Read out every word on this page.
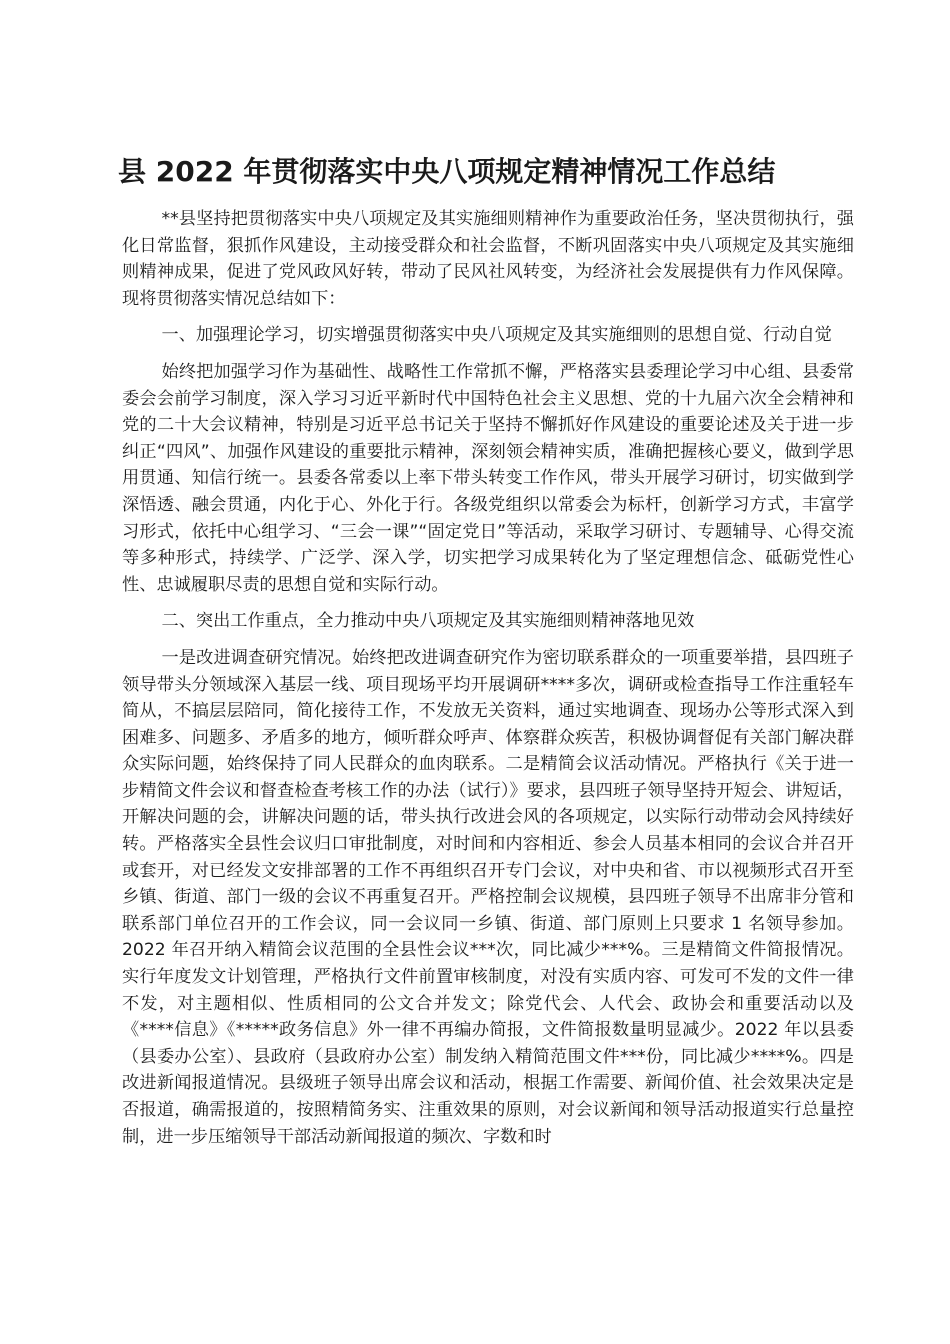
县 2022 年贯彻落实中央八项规定精神情况工作总结

**县坚持把贯彻落实中央八项规定及其实施细则精神作为重要政治任务，坚决贯彻执行，强化日常监督，狠抓作风建设，主动接受群众和社会监督，不断巩固落实中央八项规定及其实施细则精神成果，促进了党风政风好转，带动了民风社风转变，为经济社会发展提供有力作风保障。现将贯彻落实情况总结如下：

一、加强理论学习，切实增强贯彻落实中央八项规定及其实施细则的思想自觉、行动自觉

始终把加强学习作为基础性、战略性工作常抓不懈，严格落实县委理论学习中心组、县委常委会会前学习制度，深入学习习近平新时代中国特色社会主义思想、党的十九届六次全会精神和党的二十大会议精神，特别是习近平总书记关于坚持不懈抓好作风建设的重要论述及关于进一步纠正“四风”、加强作风建设的重要批示精神，深刻领会精神实质，准确把握核心要义，做到学思用贯通、知信行统一。县委各常委以上率下带头转变工作作风，带头开展学习研讨，切实做到学深悟透、融会贯通，内化于心、外化于行。各级党组织以常委会为标杆，创新学习方式，丰富学习形式，依托中心组学习、“三会一课”“固定党日”等活动，采取学习研讨、专题辅导、心得交流等多种形式，持续学、广泛学、深入学，切实把学习成果转化为了坚定理想信念、砥砺党性心性、忠诚履职尽责的思想自觉和实际行动。

二、突出工作重点，全力推动中央八项规定及其实施细则精神落地见效

一是改进调查研究情况。始终把改进调查研究作为密切联系群众的一项重要举措，县四班子领导带头分领域深入基层一线、项目现场平均开展调研****多次，调研或检查指导工作注重轻车简从，不搞层层陪同，简化接待工作，不发放无关资料，通过实地调查、现场办公等形式深入到困难多、问题多、矛盾多的地方，倾听群众呼声、体察群众疾苦，积极协调督促有关部门解决群众实际问题，始终保持了同人民群众的血肉联系。二是精简会议活动情况。严格执行《关于进一步精简文件会议和督查检查考核工作的办法（试行）》要求，县四班子领导坚持开短会、讲短话，开解决问题的会，讲解决问题的话，带头执行改进会风的各项规定，以实际行动带动会风持续好转。严格落实全县性会议归口审批制度，对时间和内容相近、参会人员基本相同的会议合并召开或套开，对已经发文安排部署的工作不再组织召开专门会议，对中央和省、市以视频形式召开至乡镇、街道、部门一级的会议不再重复召开。严格控制会议规模，县四班子领导不出席非分管和联系部门单位召开的工作会议，同一会议同一乡镇、街道、部门原则上只要求 1 名领导参加。2022 年召开纳入精简会议范围的全县性会议***次，同比减少***%。三是精简文件简报情况。实行年度发文计划管理，严格执行文件前置审核制度，对没有实质内容、可发可不发的文件一律不发，对主题相似、性质相同的公文合并发文；除党代会、人代会、政协会和重要活动以及《****信息》《*****政务信息》外一律不再编办简报，文件简报数量明显减少。2022 年以县委（县委办公室）、县政府（县政府办公室）制发纳入精简范围文件***份，同比减少****%。四是改进新闻报道情况。县级班子领导出席会议和活动，根据工作需要、新闻价值、社会效果决定是否报道，确需报道的，按照精简务实、注重效果的原则，对会议新闻和领导活动报道实行总量控制，进一步压缩领导干部活动新闻报道的频次、字数和时
